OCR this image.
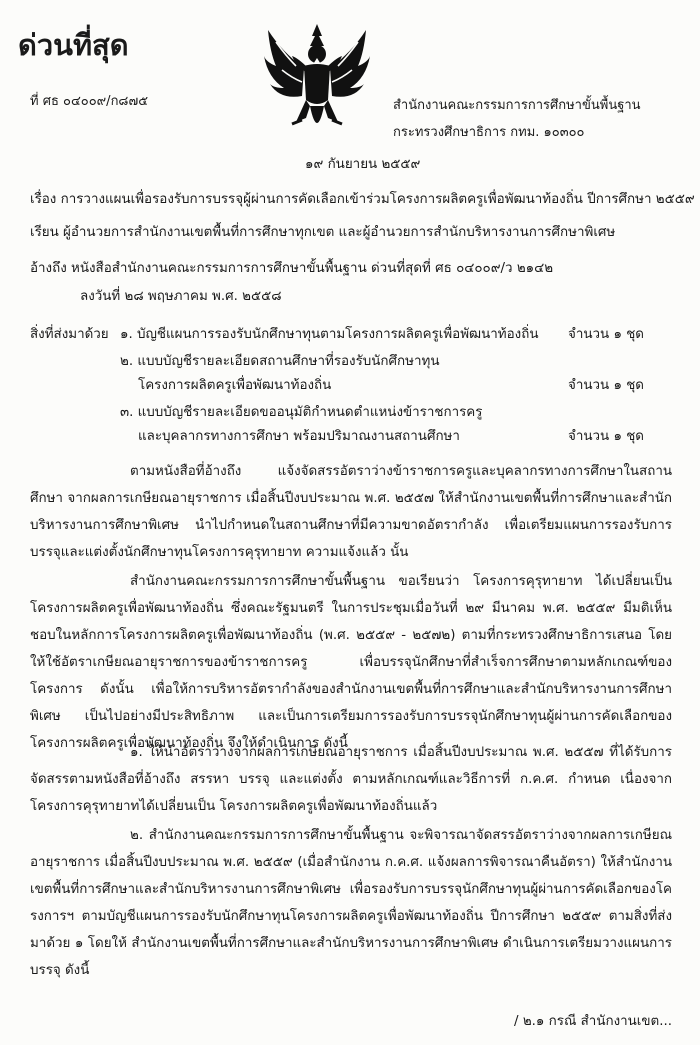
ด่วนที่สุด
ที่ ศธ ๐๔๐๐๙/ก๘๗๕	สำนักงานคณะกรรมการการศึกษาขั้นพื้นฐาน
กระทรวงศึกษาธิการ กทม. ๑๐๓๐๐
๑๙ กันยายน ๒๕๕๙
เรื่อง การวางแผนเพื่อรองรับการบรรจุผู้ผ่านการคัดเลือกเข้าร่วมโครงการผลิตครูเพื่อพัฒนาท้องถิ่น ปีการศึกษา ๒๕๕๙
เรียน ผู้อำนวยการสำนักงานเขตพื้นที่การศึกษาทุกเขต และผู้อำนวยการสำนักบริหารงานการศึกษาพิเศษ
อ้างถึง หนังสือสำนักงานคณะกรรมการการศึกษาขั้นพื้นฐาน ด่วนที่สุดที่ ศธ ๐๔๐๐๙/ว ๒๑๔๒
ลงวันที่ ๒๘ พฤษภาคม พ.ศ. ๒๕๕๘
สิ่งที่ส่งมาด้วย ๑. บัญชีแผนการรองรับนักศึกษาทุนตามโครงการผลิตครูเพื่อพัฒนาท้องถิ่น จำนวน ๑ ชุด
๒. แบบบัญชีรายละเอียดสถานศึกษาที่รองรับนักศึกษาทุน
โครงการผลิตครูเพื่อพัฒนาท้องถิ่น	จำนวน ๑ ชุด
๓. แบบบัญชีรายละเอียดขออนุมัติกำหนดตำแหน่งข้าราชการครู
และบุคลากรทางการศึกษา พร้อมปริมาณงานสถานศึกษา	จำนวน ๑ ชุด

ตามหนังสือที่อ้างถึง แจ้งจัดสรรอัตราว่างข้าราชการครูและบุคลากรทางการศึกษาในสถานศึกษา จากผลการเกษียณอายุราชการ เมื่อสิ้นปีงบประมาณ พ.ศ. ๒๕๕๗ ให้สำนักงานเขตพื้นที่การศึกษาและสำนักบริหารงานการศึกษาพิเศษ นำไปกำหนดในสถานศึกษาที่มีความขาดอัตรากำลัง เพื่อเตรียมแผนการรองรับการบรรจุและแต่งตั้งนักศึกษาทุนโครงการคุรุทายาท ความแจ้งแล้ว นั้น

สำนักงานคณะกรรมการการศึกษาขั้นพื้นฐาน ขอเรียนว่า โครงการคุรุทายาท ได้เปลี่ยนเป็น โครงการผลิตครูเพื่อพัฒนาท้องถิ่น ซึ่งคณะรัฐมนตรี ในการประชุมเมื่อวันที่ ๒๙ มีนาคม พ.ศ. ๒๕๕๙ มีมติเห็นชอบในหลักการโครงการผลิตครูเพื่อพัฒนาท้องถิ่น (พ.ศ. ๒๕๕๙ - ๒๕๗๒) ตามที่กระทรวงศึกษาธิการเสนอ โดยให้ใช้อัตราเกษียณอายุราชการของข้าราชการครู เพื่อบรรจุนักศึกษาที่สำเร็จการศึกษาตามหลักเกณฑ์ของโครงการ ดังนั้น เพื่อให้การบริหารอัตรากำลังของสำนักงานเขตพื้นที่การศึกษาและสำนักบริหารงานการศึกษาพิเศษ เป็นไปอย่างมีประสิทธิภาพ และเป็นการเตรียมการรองรับการบรรจุนักศึกษาทุนผู้ผ่านการคัดเลือกของโครงการผลิตครูเพื่อพัฒนาท้องถิ่น จึงให้ดำเนินการ ดังนี้

๑. ให้นำอัตราว่างจากผลการเกษียณอายุราชการ เมื่อสิ้นปีงบประมาณ พ.ศ. ๒๕๕๗ ที่ได้รับการจัดสรรตามหนังสือที่อ้างถึง สรรหา บรรจุ และแต่งตั้ง ตามหลักเกณฑ์และวิธีการที่ ก.ค.ศ. กำหนด เนื่องจากโครงการคุรุทายาทได้เปลี่ยนเป็น โครงการผลิตครูเพื่อพัฒนาท้องถิ่นแล้ว

๒. สำนักงานคณะกรรมการการศึกษาขั้นพื้นฐาน จะพิจารณาจัดสรรอัตราว่างจากผลการเกษียณอายุราชการ เมื่อสิ้นปีงบประมาณ พ.ศ. ๒๕๕๙ (เมื่อสำนักงาน ก.ค.ศ. แจ้งผลการพิจารณาคืนอัตรา) ให้สำนักงานเขตพื้นที่การศึกษาและสำนักบริหารงานการศึกษาพิเศษ เพื่อรองรับการบรรจุนักศึกษาทุนผู้ผ่านการคัดเลือกของโครงการฯ ตามบัญชีแผนการรองรับนักศึกษาทุนโครงการผลิตครูเพื่อพัฒนาท้องถิ่น ปีการศึกษา ๒๕๕๙ ตามสิ่งที่ส่งมาด้วย ๑ โดยให้ สำนักงานเขตพื้นที่การศึกษาและสำนักบริหารงานการศึกษาพิเศษ ดำเนินการเตรียมวางแผนการบรรจุ ดังนี้

/ ๒.๑ กรณี สำนักงานเขต...
